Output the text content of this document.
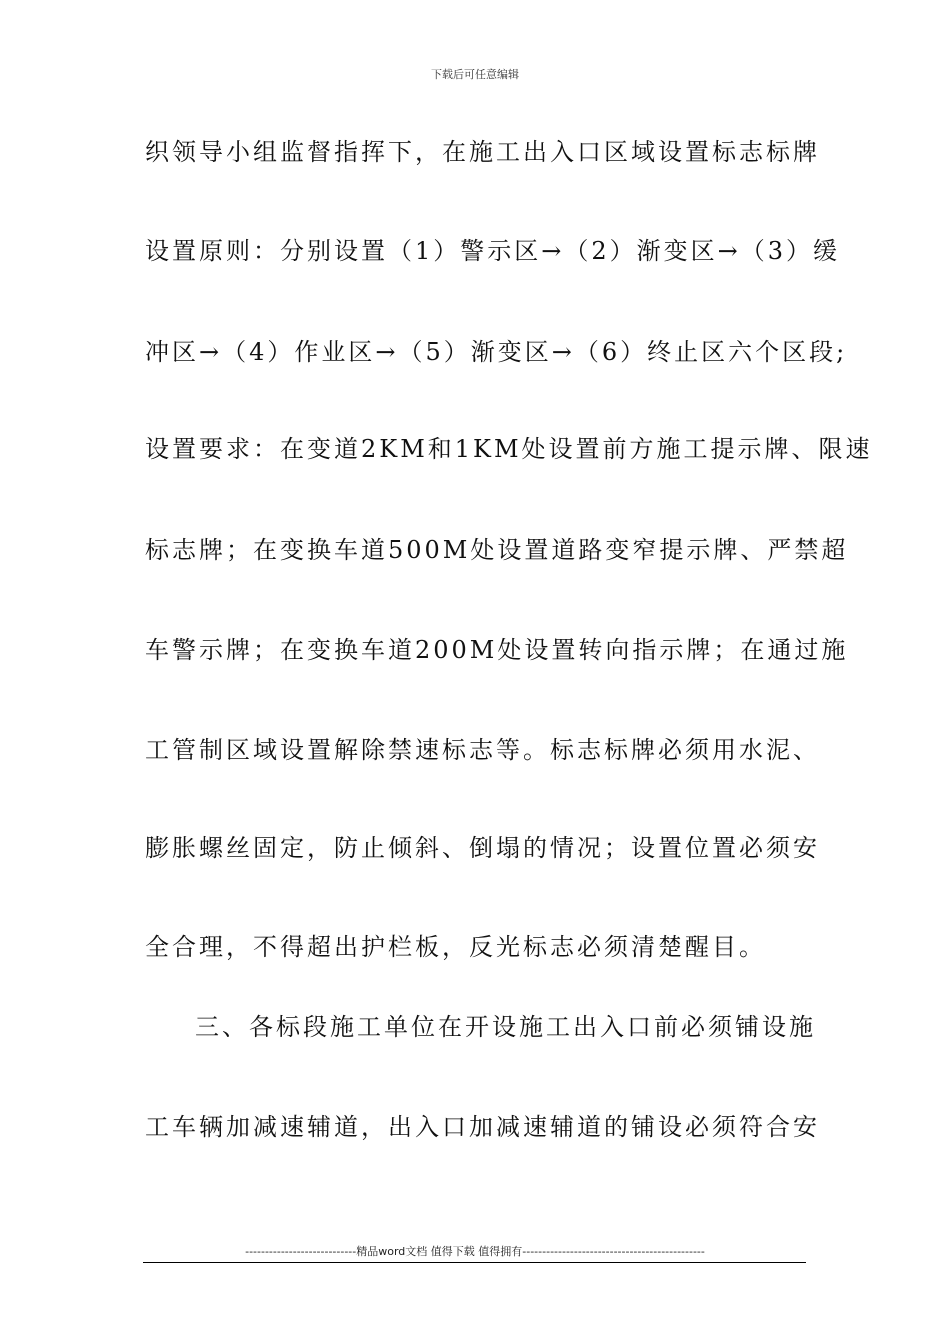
下载后可任意编辑
织领导小组监督指挥下，在施工出入口区域设置标志标牌
设置原则：分别设置（1）警示区→（2）渐变区→（3）缓
冲区→（4）作业区→（5）渐变区→（6）终止区六个区段;
设置要求：在变道2KM和1KM处设置前方施工提示牌、限速
标志牌；在变换车道500M处设置道路变窄提示牌、严禁超
车警示牌；在变换车道200M处设置转向指示牌；在通过施
工管制区域设置解除禁速标志等。标志标牌必须用水泥、
膨胀螺丝固定，防止倾斜、倒塌的情况；设置位置必须安
全合理，不得超出护栏板，反光标志必须清楚醒目。
三、各标段施工单位在开设施工出入口前必须铺设施
工车辆加减速辅道，出入口加减速辅道的铺设必须符合安
----------------------------精品word文档 值得下载 值得拥有----------------------------------------------
